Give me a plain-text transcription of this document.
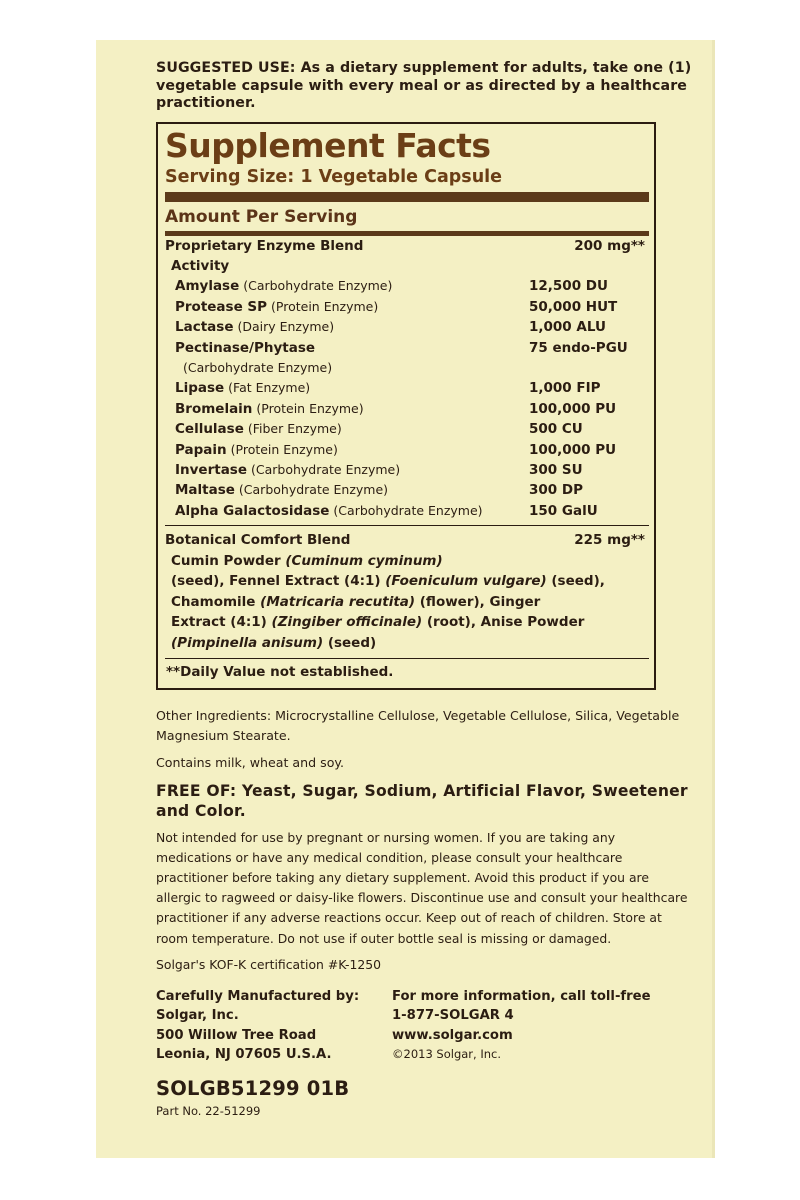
SUGGESTED USE: As a dietary supplement for adults, take one (1) vegetable capsule with every meal or as directed by a healthcare practitioner.
Supplement Facts
Serving Size: 1 Vegetable Capsule
Amount Per Serving
Proprietary Enzyme Blend	200 mg**
Activity
Amylase (Carbohydrate Enzyme)	12,500 DU
Protease SP (Protein Enzyme)	50,000 HUT
Lactase (Dairy Enzyme)	1,000 ALU
Pectinase/Phytase	75 endo-PGU
(Carbohydrate Enzyme)
Lipase (Fat Enzyme)	1,000 FIP
Bromelain (Protein Enzyme)	100,000 PU
Cellulase (Fiber Enzyme)	500 CU
Papain (Protein Enzyme)	100,000 PU
Invertase (Carbohydrate Enzyme)	300 SU
Maltase (Carbohydrate Enzyme)	300 DP
Alpha Galactosidase (Carbohydrate Enzyme)	150 GalU
Botanical Comfort Blend	225 mg**
Cumin Powder (Cuminum cyminum)
(seed), Fennel Extract (4:1) (Foeniculum vulgare) (seed),
Chamomile (Matricaria recutita) (flower), Ginger
Extract (4:1) (Zingiber officinale) (root), Anise Powder
(Pimpinella anisum) (seed)
**Daily Value not established.
Other Ingredients: Microcrystalline Cellulose, Vegetable Cellulose, Silica, Vegetable Magnesium Stearate.
Contains milk, wheat and soy.
FREE OF: Yeast, Sugar, Sodium, Artificial Flavor, Sweetener and Color.
Not intended for use by pregnant or nursing women. If you are taking any medications or have any medical condition, please consult your healthcare practitioner before taking any dietary supplement. Avoid this product if you are allergic to ragweed or daisy-like flowers. Discontinue use and consult your healthcare practitioner if any adverse reactions occur. Keep out of reach of children. Store at room temperature. Do not use if outer bottle seal is missing or damaged.
Solgar's KOF-K certification #K-1250
Carefully Manufactured by:
Solgar, Inc.
500 Willow Tree Road
Leonia, NJ 07605 U.S.A.
For more information, call toll-free
1-877-SOLGAR 4
www.solgar.com
©2013 Solgar, Inc.
SOLGB51299 01B
Part No. 22-51299
